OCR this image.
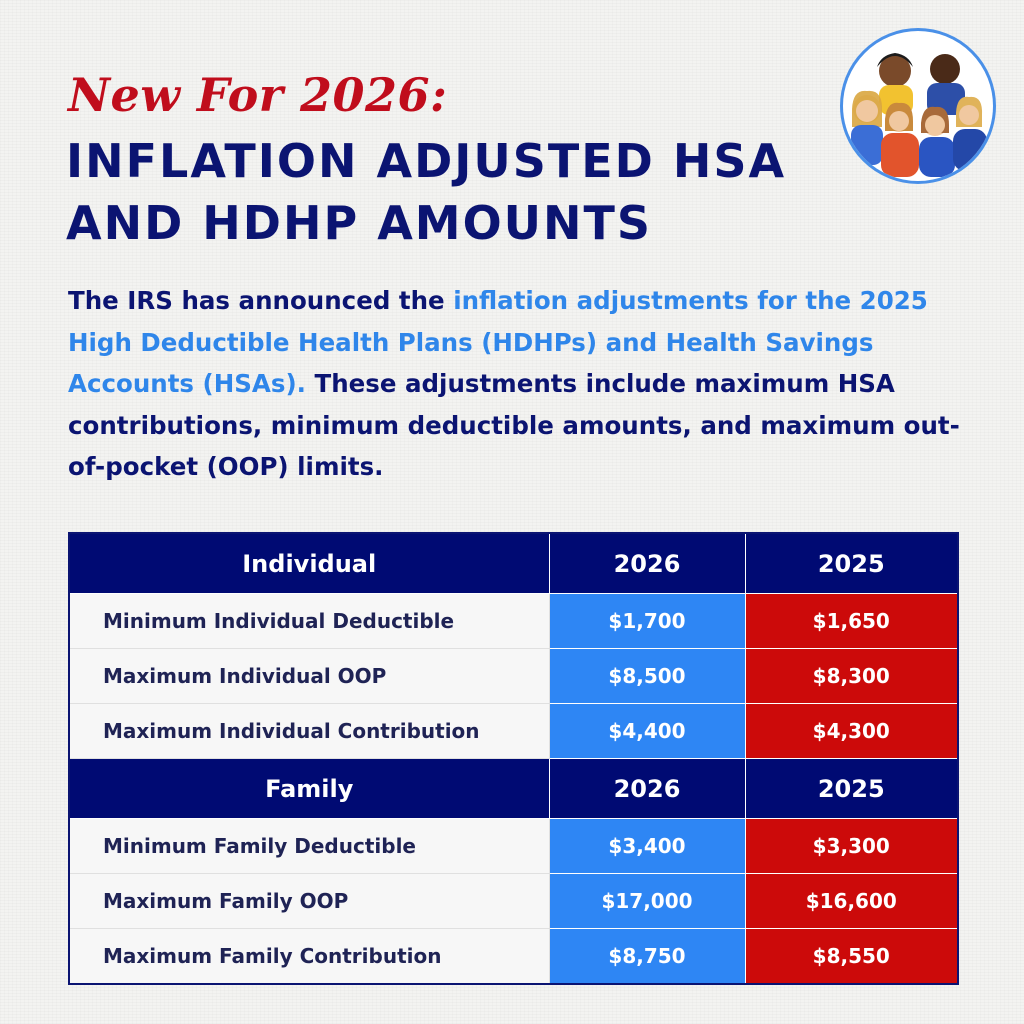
New For 2026:
INFLATION ADJUSTED HSA
AND HDHP AMOUNTS
The IRS has announced the inflation adjustments for the 2025 High Deductible Health Plans (HDHPs) and Health Savings Accounts (HSAs). These adjustments include maximum HSA contributions, minimum deductible amounts, and maximum out-of-pocket (OOP) limits.
Individual	2026	2025
Minimum Individual Deductible	$1,700	$1,650
Maximum Individual OOP	$8,500	$8,300
Maximum Individual Contribution	$4,400	$4,300
Family	2026	2025
Minimum Family Deductible	$3,400	$3,300
Maximum Family OOP	$17,000	$16,600
Maximum Family Contribution	$8,750	$8,550
